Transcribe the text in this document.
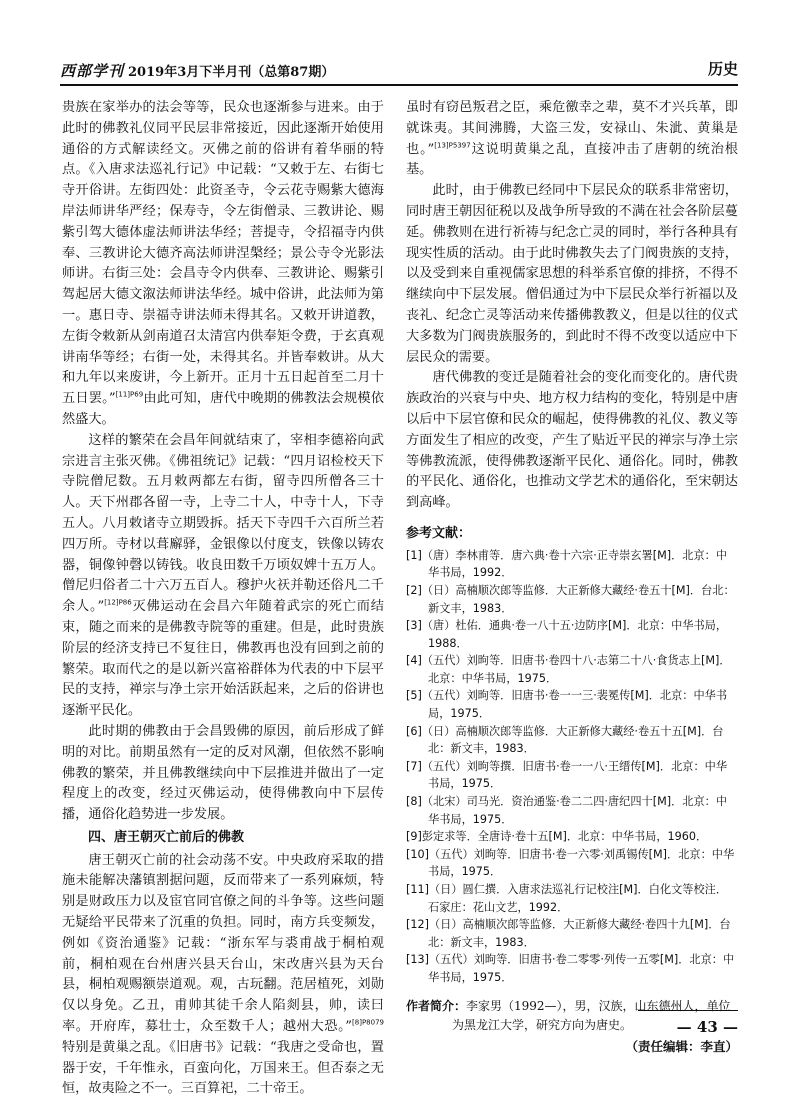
西部学刊 2019年3月下半月刊（总第87期）	历史

贵族在家举办的法会等等，民众也逐渐参与进来。由于此时的佛教礼仪同平民层非常接近，因此逐渐开始使用通俗的方式解读经文。灭佛之前的俗讲有着华丽的特点。《入唐求法巡礼行记》中记载：“又敕于左、右街七寺开俗讲。左街四处：此资圣寺，令云花寺赐紫大德海岸法师讲华严经；保寿寺，令左街僧录、三教讲论、赐紫引驾大德体虚法师讲法华经；菩提寺，令招福寺内供奉、三教讲论大德齐高法师讲涅槃经；景公寺令光影法师讲。右街三处：会昌寺令内供奉、三教讲论、赐紫引驾起居大德文溆法师讲法华经。城中俗讲，此法师为第一。惠日寺、崇福寺讲法师未得其名。又敕开讲道教，左街令敕新从剑南道召太清宫内供奉矩令费，于玄真观讲南华等经；右街一处，未得其名。并皆奉敕讲。从大和九年以来废讲，今上新开。正月十五日起首至二月十五日罢。”$^{[11]P69}$由此可知，唐代中晚期的佛教法会规模依然盛大。

这样的繁荣在会昌年间就结束了，宰相李德裕向武宗进言主张灭佛。《佛祖统记》记载：“四月诏检校天下寺院僧尼数。五月敕两都左右街，留寺四所僧各三十人。天下州郡各留一寺，上寺二十人，中寺十人，下寺五人。八月敕诸寺立期毁拆。括天下寺四千六百所兰若四万所。寺材以葺廨驿，金银像以付度支，铁像以铸农器，铜像钟磬以铸钱。收良田数千万顷奴婢十五万人。僧尼归俗者二十六万五百人。穆护火祆并勒还俗凡二千余人。”$^{[12]P86}$灭佛运动在会昌六年随着武宗的死亡而结束，随之而来的是佛教寺院等的重建。但是，此时贵族阶层的经济支持已不复往日，佛教再也没有回到之前的繁荣。取而代之的是以新兴富裕群体为代表的中下层平民的支持，禅宗与净土宗开始活跃起来，之后的俗讲也逐渐平民化。

此时期的佛教由于会昌毁佛的原因，前后形成了鲜明的对比。前期虽然有一定的反对风潮，但依然不影响佛教的繁荣，并且佛教继续向中下层推进并做出了一定程度上的改变，经过灭佛运动，使得佛教向中下层传播，通俗化趋势进一步发展。

四、唐王朝灭亡前后的佛教

唐王朝灭亡前的社会动荡不安。中央政府采取的措施未能解决藩镇割据问题，反而带来了一系列麻烦，特别是财政压力以及宦官同官僚之间的斗争等。这些问题无疑给平民带来了沉重的负担。同时，南方兵变频发，例如《资治通鉴》记载：“浙东军与裘甫战于桐柏观前，桐柏观在台州唐兴县天台山，宋改唐兴县为天台县，桐柏观赐额崇道观。观，古玩翻。范居植死，刘勋仅以身免。乙丑，甫帅其徒千余人陷剡县，帅，读曰率。开府库，募壮士，众至数千人；越州大恐。”$^{[8]P8079}$特别是黄巢之乱。《旧唐书》记载：“我唐之受命也，置器于安，千年惟永，百蛮向化，万国来王。但否泰之无恒，故夷险之不一。三百算祀，二十帝王。

虽时有窃邑叛君之臣，乘危徼幸之辈，莫不才兴兵革，即就诛夷。其间沸腾，大盗三发，安禄山、朱泚、黄巢是也。”$^{[13]P5397}$这说明黄巢之乱，直接冲击了唐朝的统治根基。

此时，由于佛教已经同中下层民众的联系非常密切，同时唐王朝因征税以及战争所导致的不满在社会各阶层蔓延。佛教则在进行祈祷与纪念亡灵的同时，举行各种具有现实性质的活动。由于此时佛教失去了门阀贵族的支持，以及受到来自重视儒家思想的科举系官僚的排挤，不得不继续向中下层发展。僧侣通过为中下层民众举行祈福以及丧礼、纪念亡灵等活动来传播佛教教义，但是以往的仪式大多数为门阀贵族服务的，到此时不得不改变以适应中下层民众的需要。

唐代佛教的变迁是随着社会的变化而变化的。唐代贵族政治的兴衰与中央、地方权力结构的变化，特别是中唐以后中下层官僚和民众的崛起，使得佛教的礼仪、教义等方面发生了相应的改变，产生了贴近平民的禅宗与净土宗等佛教流派，使得佛教逐渐平民化、通俗化。同时，佛教的平民化、通俗化，也推动文学艺术的通俗化，至宋朝达到高峰。

参考文献：
[1]（唐）李林甫等．唐六典·卷十六宗·正寺崇玄署[M]．北京：中华书局，1992．
[2]（日）高楠顺次郎等监修．大正新修大藏经·卷五十[M]．台北：新文丰，1983．
[3]（唐）杜佑．通典·卷一八十五·边防序[M]．北京：中华书局，1988．
[4]（五代）刘昫等．旧唐书·卷四十八·志第二十八·食货志上[M]．北京：中华书局，1975．
[5]（五代）刘昫等．旧唐书·卷一一三·裴冕传[M]．北京：中华书局，1975．
[6]（日）高楠顺次郎等监修．大正新修大藏经·卷五十五[M]．台北：新文丰，1983．
[7]（五代）刘昫等撰．旧唐书·卷一一八·王缙传[M]．北京：中华书局，1975．
[8]（北宋）司马光．资治通鉴·卷二二四·唐纪四十[M]．北京：中华书局，1975．
[9]彭定求等．全唐诗·卷十五[M]．北京：中华书局，1960．
[10]（五代）刘昫等．旧唐书·卷一六零·刘禹锡传[M]．北京：中华书局，1975．
[11]（日）圆仁撰．入唐求法巡礼行记校注[M]．白化文等校注．石家庄：花山文艺，1992．
[12]（日）高楠顺次郎等监修．大正新修大藏经·卷四十九[M]．台北：新文丰，1983．
[13]（五代）刘昫等．旧唐书·卷二零零·列传一五零[M]．北京：中华书局，1975．
作者简介：李家男（1992—），男，汉族，山东德州人，单位为黑龙江大学，研究方向为唐史。
（责任编辑：李直）
— 43 —
